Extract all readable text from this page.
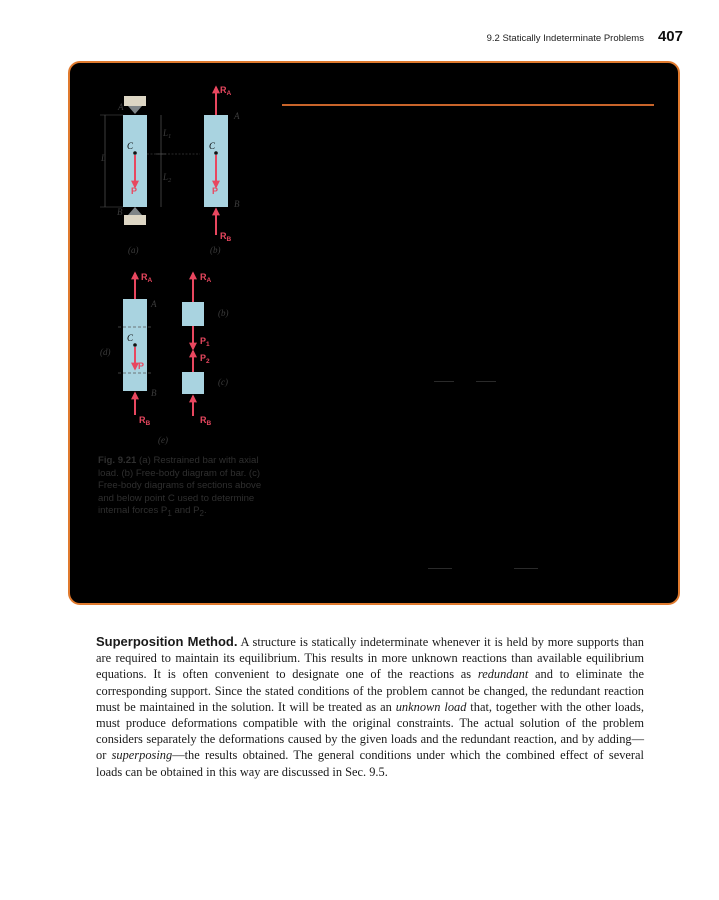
9.2 Statically Indeterminate Problems 407
A
B
L
$L_1$
$L_2$
C
P
(a)
$R_A$
$R_B$
A
B
C
P
(b)
$R_A$
$R_B$
A
B
C
P
(d)
(e)
$R_A$
$P_1$
(b)
$P_2$
$R_B$
(c)
Fig. 9.21 (a) Restrained bar with axial load. (b) Free-body diagram of bar. (c) Free-body diagrams of sections above and below point C used to determine internal forces $P_1$ and $P_2$.
Superposition Method. A structure is statically indeterminate whenever it is held by more supports than are required to maintain its equilibrium. This results in more unknown reactions than available equilibrium equations. It is often convenient to designate one of the reactions as redundant and to eliminate the corresponding support. Since the stated conditions of the problem cannot be changed, the redundant reaction must be maintained in the solution. It will be treated as an unknown load that, together with the other loads, must produce deformations compatible with the original constraints. The actual solution of the problem considers separately the deformations caused by the given loads and the redundant reaction, and by adding—or superposing—the results obtained. The general conditions under which the combined effect of several loads can be obtained in this way are discussed in Sec. 9.5.
